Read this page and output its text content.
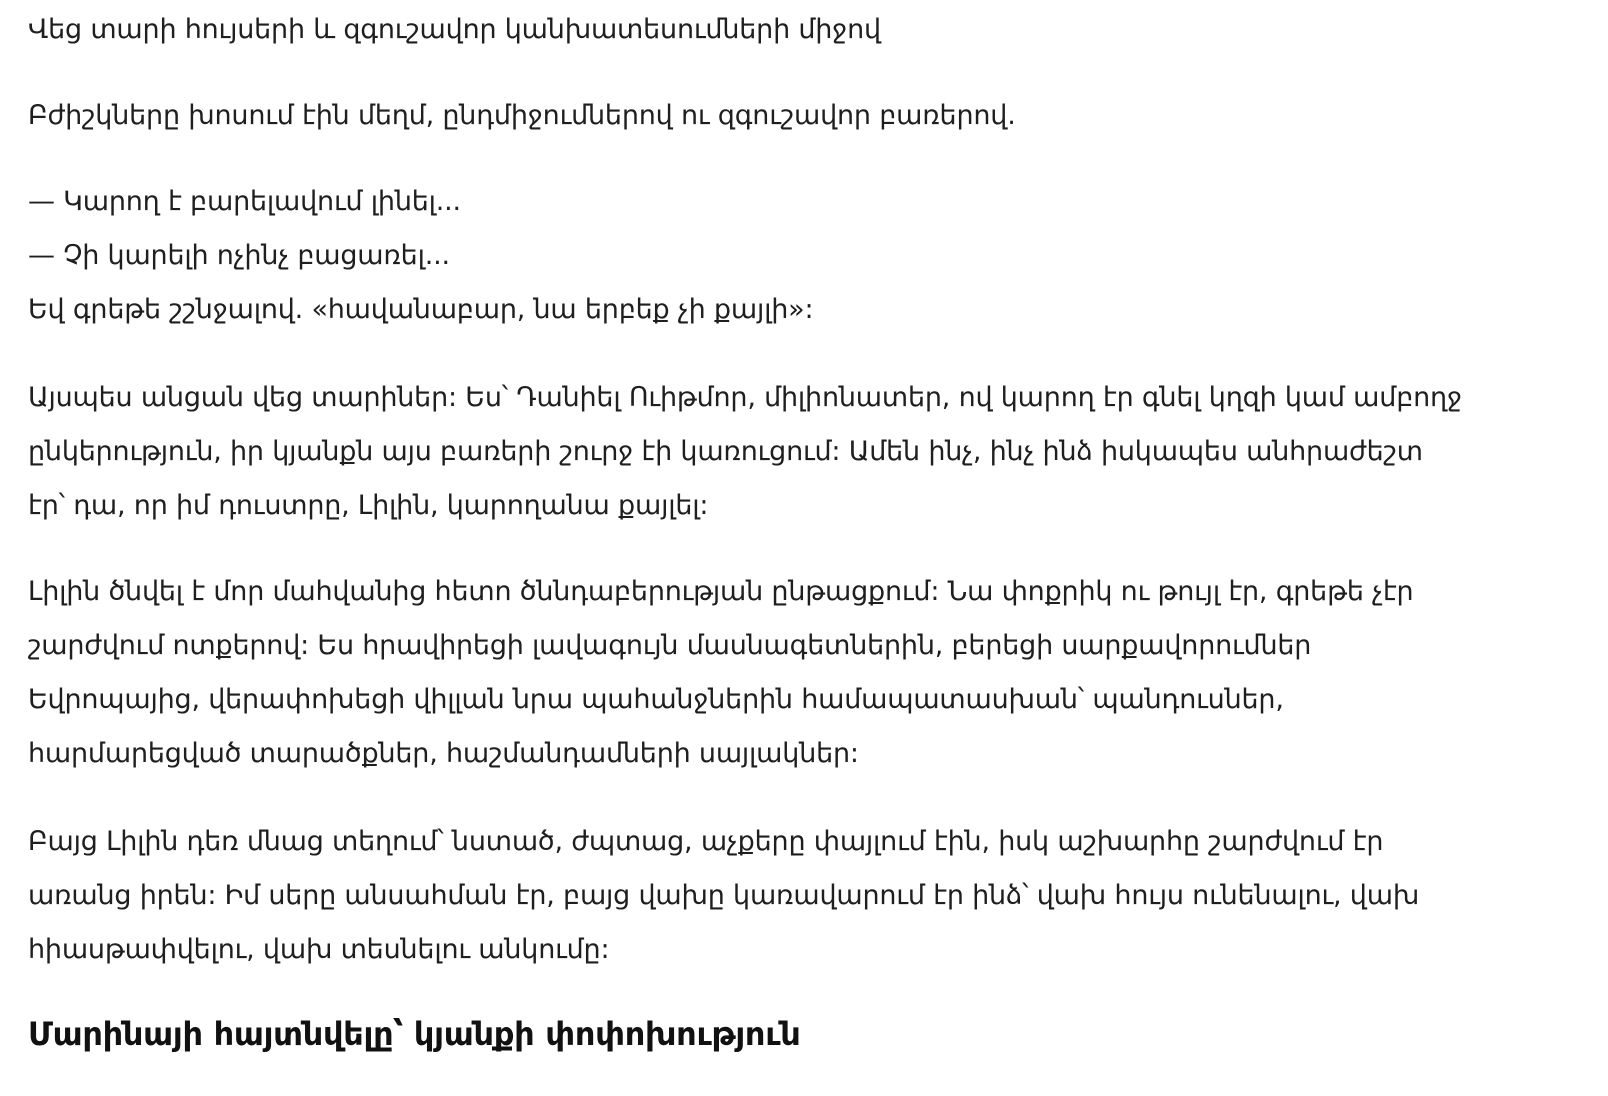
Վեց տարի հույսերի և զգուշավոր կանխատեսումների միջով
Բժիշկները խոսում էին մեղմ, ընդմիջումներով ու զգուշավոր բառերով.
— Կարող է բարելավում լինել...
— Չի կարելի ոչինչ բացառել...
Եվ գրեթե շշնջալով. «հավանաբար, նա երբեք չի քայլի»:
Այսպես անցան վեց տարիներ: Ես՝ Դանիել Ուիթմոր, միլիոնատեր, ով կարող էր գնել կղզի կամ ամբողջ
ընկերություն, իր կյանքն այս բառերի շուրջ էի կառուցում: Ամեն ինչ, ինչ ինձ իսկապես անհրաժեշտ
էր՝ դա, որ իմ դուստրը, Լիլին, կարողանա քայլել:
Լիլին ծնվել է մոր մահվանից հետո ծննդաբերության ընթացքում: Նա փոքրիկ ու թույլ էր, գրեթե չէր
շարժվում ոտքերով: Ես հրավիրեցի լավագույն մասնագետներին, բերեցի սարքավորումներ
Եվրոպայից, վերափոխեցի վիլլան նրա պահանջներին համապատասխան՝ պանդուսներ,
հարմարեցված տարածքներ, հաշմանդամների սայլակներ:
Բայց Լիլին դեռ մնաց տեղում՝ նստած, ժպտաց, աչքերը փայլում էին, իսկ աշխարհը շարժվում էր
առանց իրեն: Իմ սերը անսահման էր, բայց վախը կառավարում էր ինձ՝ վախ հույս ունենալու, վախ
հիասթափվելու, վախ տեսնելու անկումը:
Մարինայի հայտնվելը՝ կյանքի փոփոխություն
